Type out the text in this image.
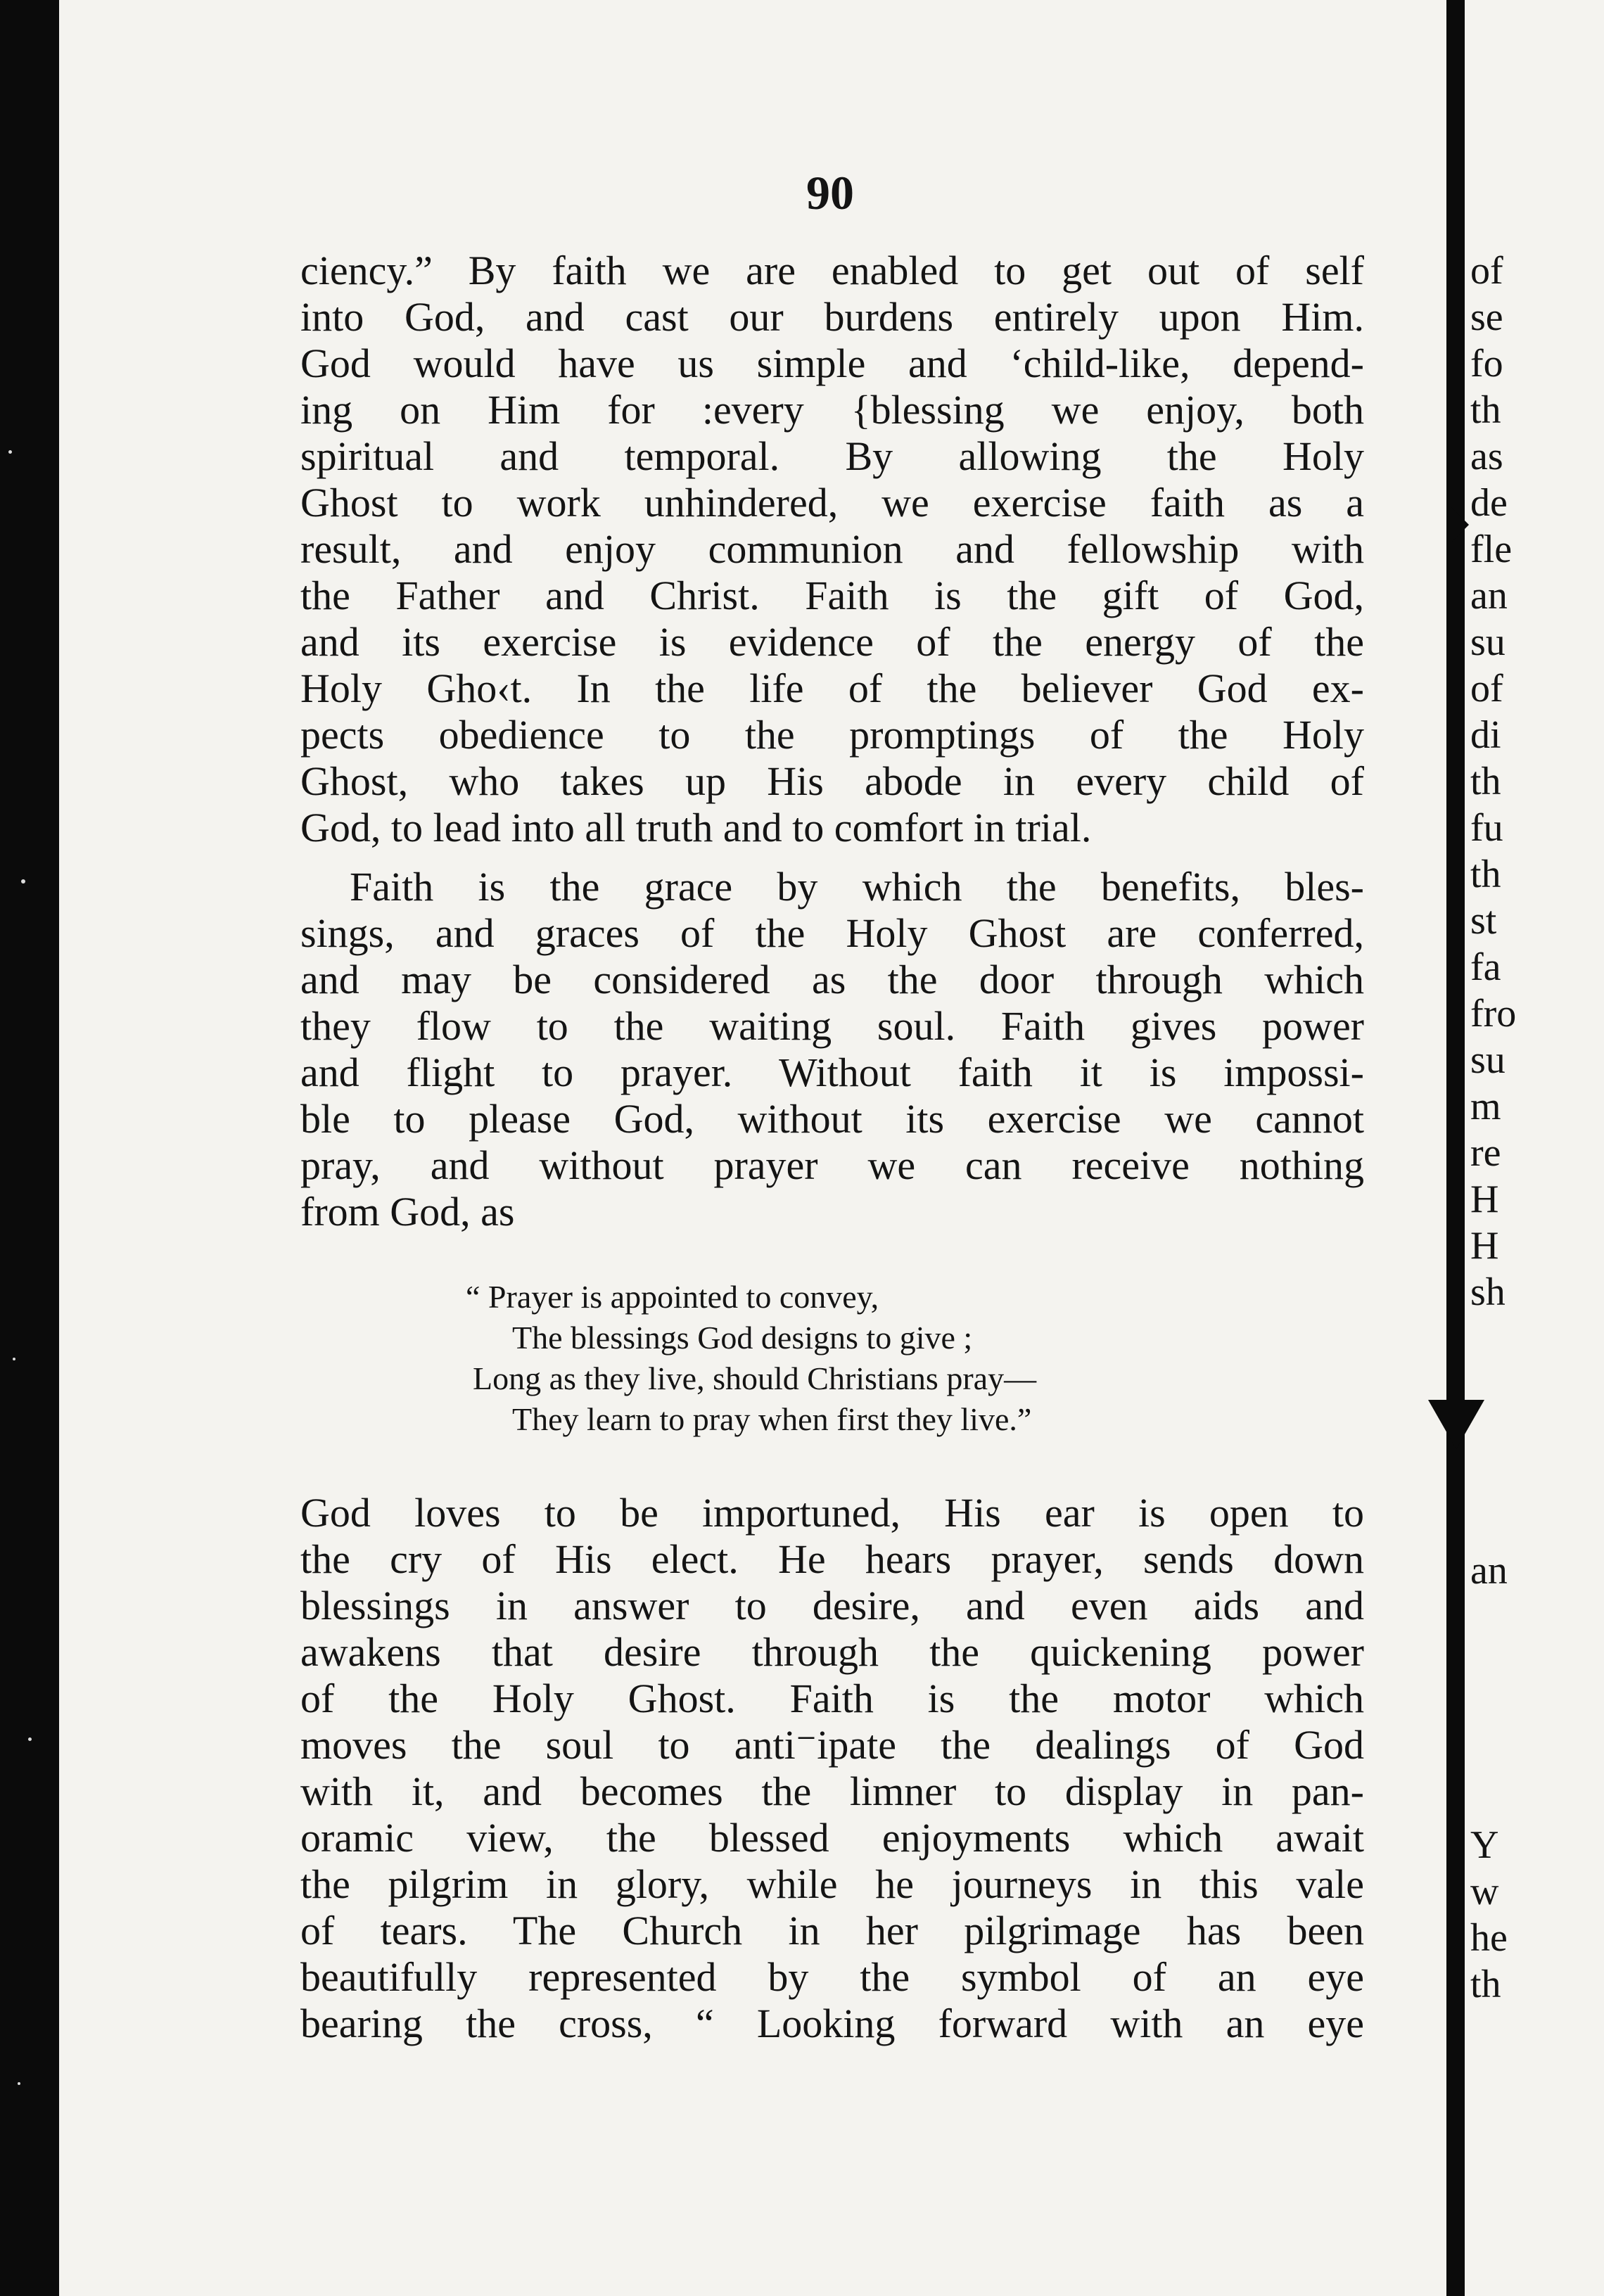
of
se
fo
th
as
de
fle
an
su
of
di
th
fu
th
st
fa
fro
su
m
re
H
H
sh
an
Y
w
he
th
90
ciency.” By faith we are enabled to get out of self
into God, and cast our burdens entirely upon Him.
God would have us simple and ‘child-like, depend-
ing on Him for :every {blessing we enjoy, both
spiritual and temporal. By allowing the Holy
Ghost to work unhindered, we exercise faith as a
result, and enjoy communion and fellowship with
the Father and Christ. Faith is the gift of God,
and its exercise is evidence of the energy of the
Holy Gho‹t. In the life of the believer God ex-
pects obedience to the promptings of the Holy
Ghost, who takes up His abode in every child of
God, to lead into all truth and to comfort in trial.
Faith is the grace by which the benefits, bles-
sings, and graces of the Holy Ghost are conferred,
and may be considered as the door through which
they flow to the waiting soul. Faith gives power
and flight to prayer. Without faith it is impossi-
ble to please God, without its exercise we cannot
pray, and without prayer we can receive nothing
from God, as
“ Prayer is appointed to convey,
The blessings God designs to give ;
Long as they live, should Christians pray—
They learn to pray when first they live.”
God loves to be importuned, His ear is open to
the cry of His elect. He hears prayer, sends down
blessings in answer to desire, and even aids and
awakens that desire through the quickening power
of the Holy Ghost. Faith is the motor which
moves the soul to anti⁻ipate the dealings of God
with it, and becomes the limner to display in pan-
oramic view, the blessed enjoyments which await
the pilgrim in glory, while he journeys in this vale
of tears. The Church in her pilgrimage has been
beautifully represented by the symbol of an eye
bearing the cross, “ Looking forward with an eye
